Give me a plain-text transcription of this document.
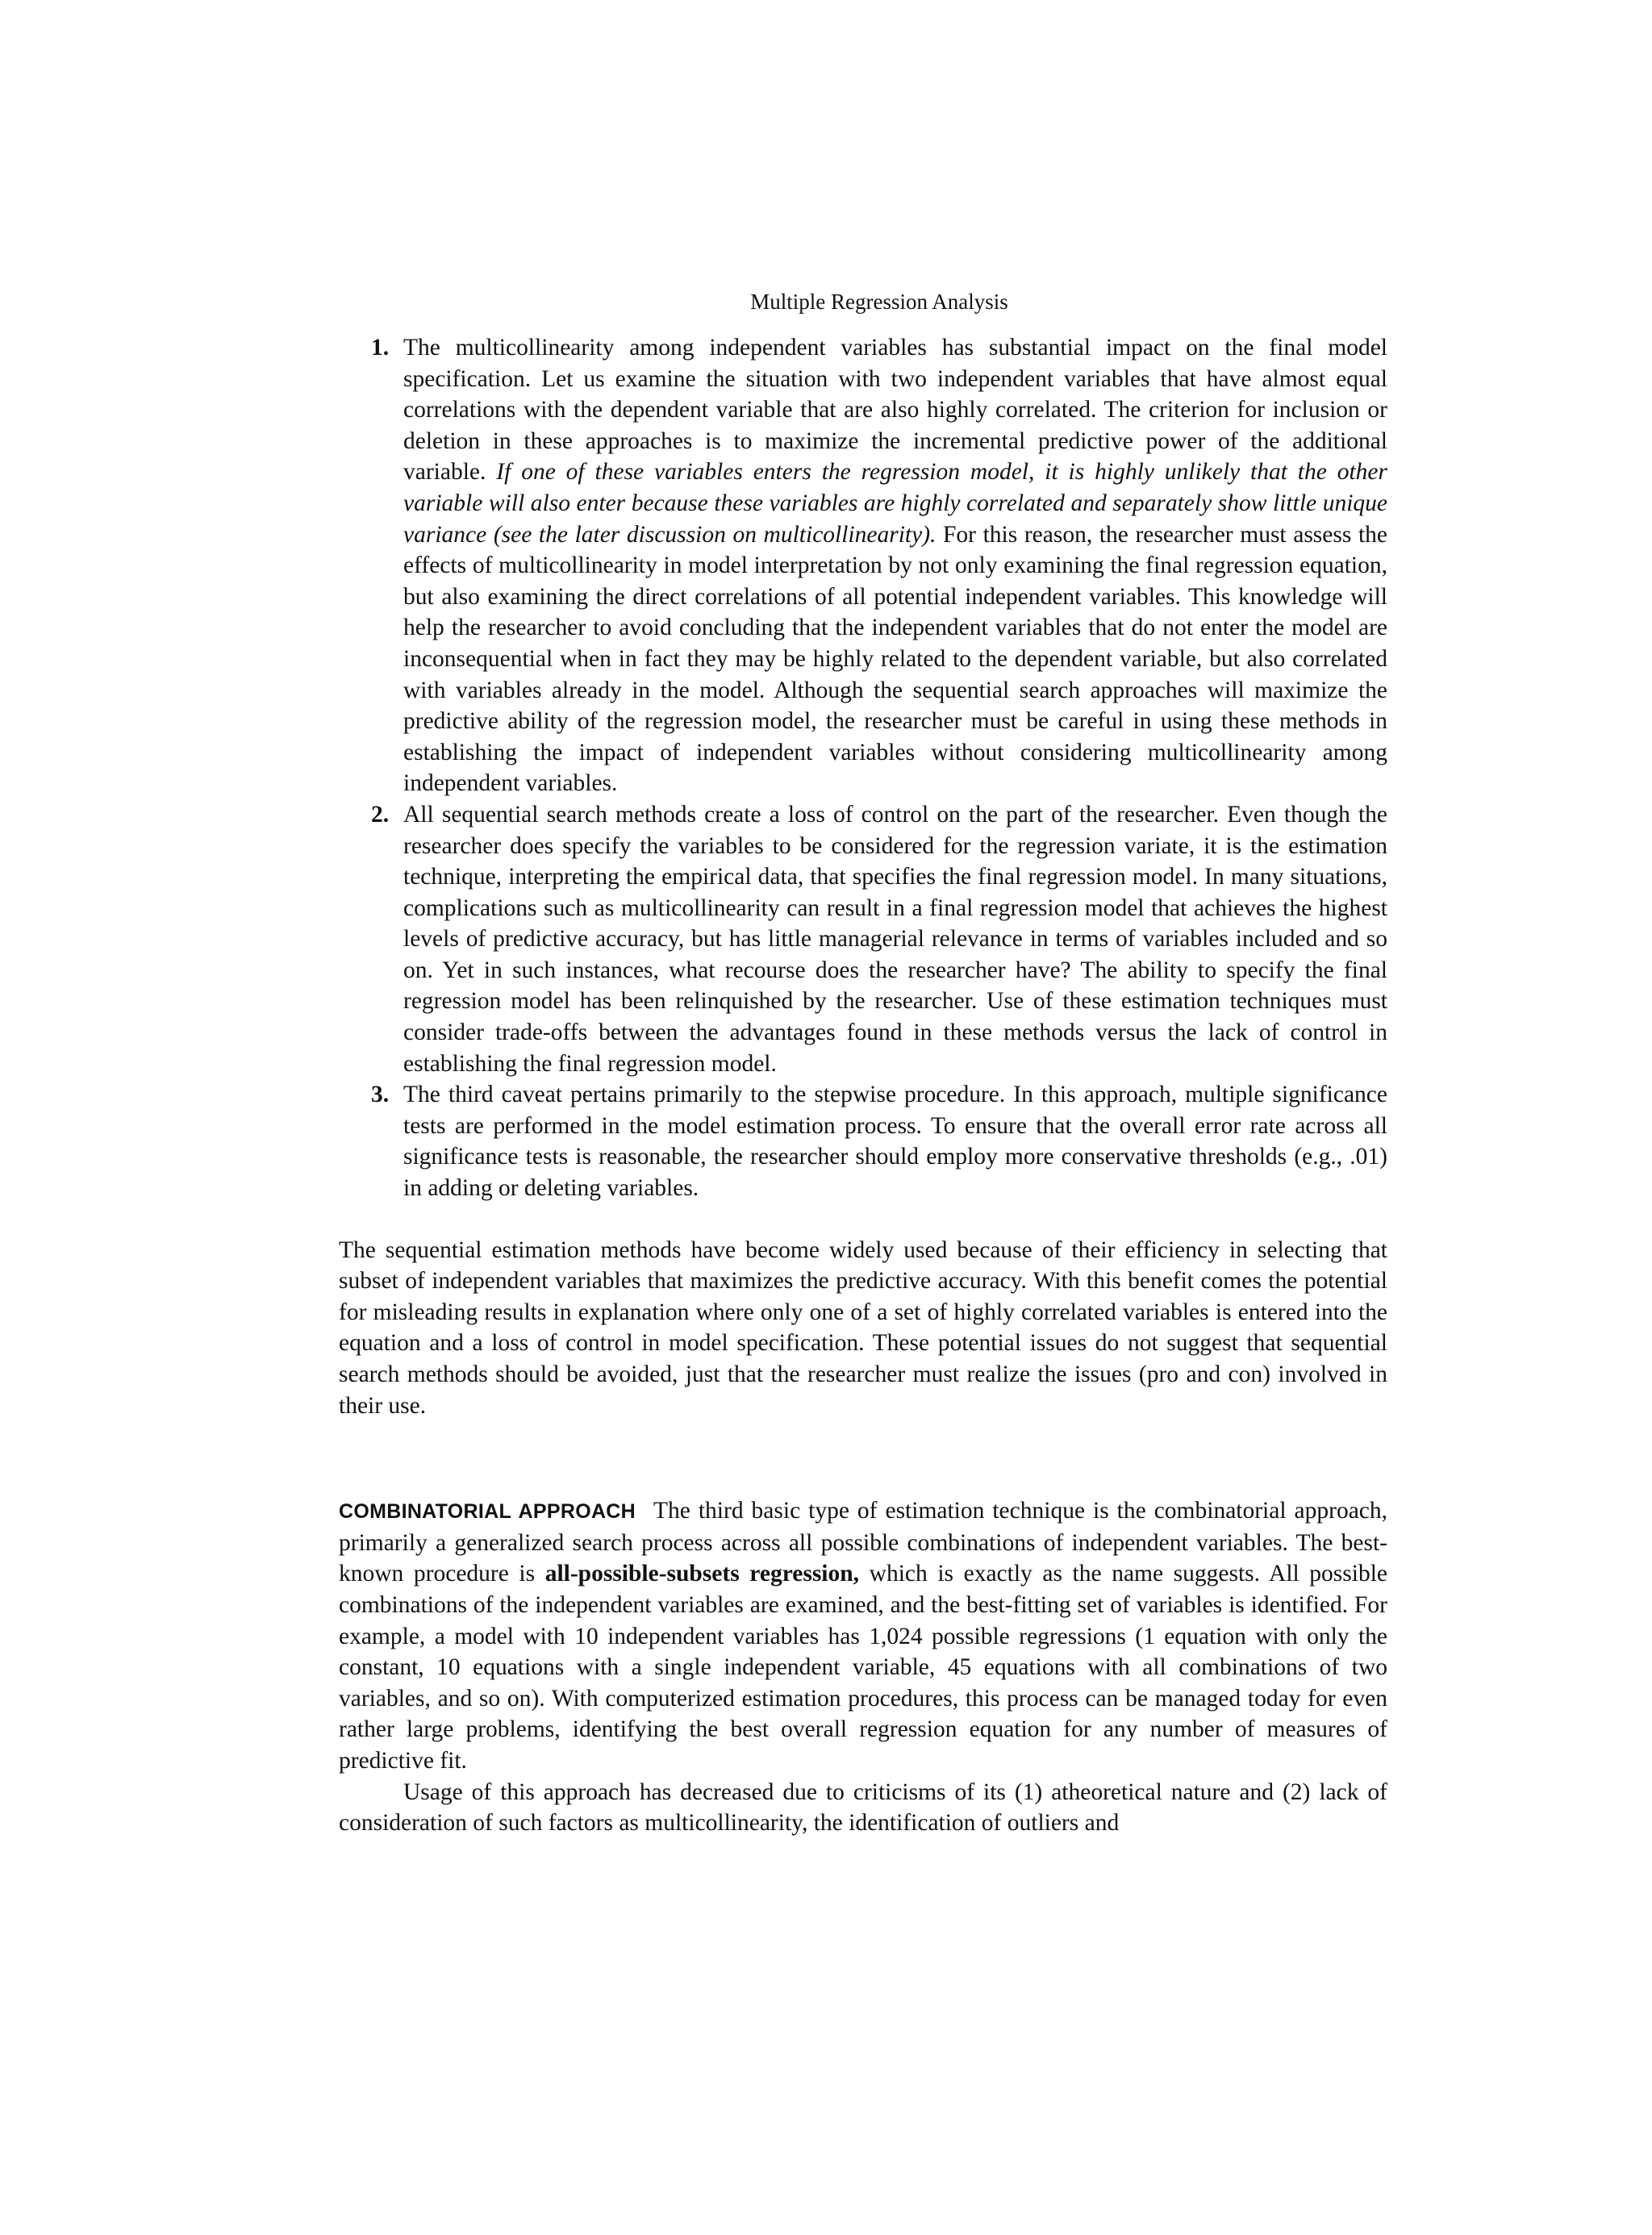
Multiple Regression Analysis
1. The multicollinearity among independent variables has substantial impact on the final model specification. Let us examine the situation with two independent variables that have almost equal correlations with the dependent variable that are also highly correlated. The criterion for inclusion or deletion in these approaches is to maximize the incremental predictive power of the additional variable. If one of these variables enters the regression model, it is highly unlikely that the other variable will also enter because these variables are highly correlated and separately show little unique variance (see the later discussion on multicollinearity). For this reason, the researcher must assess the effects of multicollinearity in model interpretation by not only examining the final regression equation, but also examining the direct correlations of all potential independent variables. This knowledge will help the researcher to avoid concluding that the independent variables that do not enter the model are inconsequential when in fact they may be highly related to the dependent variable, but also correlated with variables already in the model. Although the sequential search approaches will maximize the predictive ability of the regression model, the researcher must be careful in using these methods in establishing the impact of independent variables without considering multicollinearity among independent variables.
2. All sequential search methods create a loss of control on the part of the researcher. Even though the researcher does specify the variables to be considered for the regression variate, it is the estimation technique, interpreting the empirical data, that specifies the final regression model. In many situations, complications such as multicollinearity can result in a final regression model that achieves the highest levels of predictive accuracy, but has little managerial relevance in terms of variables included and so on. Yet in such instances, what recourse does the researcher have? The ability to specify the final regression model has been relinquished by the researcher. Use of these estimation techniques must consider trade-offs between the advantages found in these methods versus the lack of control in establishing the final regression model.
3. The third caveat pertains primarily to the stepwise procedure. In this approach, multiple significance tests are performed in the model estimation process. To ensure that the overall error rate across all significance tests is reasonable, the researcher should employ more conservative thresholds (e.g., .01) in adding or deleting variables.

The sequential estimation methods have become widely used because of their efficiency in selecting that subset of independent variables that maximizes the predictive accuracy. With this benefit comes the potential for misleading results in explanation where only one of a set of highly correlated variables is entered into the equation and a loss of control in model specification. These potential issues do not suggest that sequential search methods should be avoided, just that the researcher must realize the issues (pro and con) involved in their use.

COMBINATORIAL APPROACH The third basic type of estimation technique is the combinatorial approach, primarily a generalized search process across all possible combinations of independent variables. The best-known procedure is all-possible-subsets regression, which is exactly as the name suggests. All possible combinations of the independent variables are examined, and the best-fitting set of variables is identified. For example, a model with 10 independent variables has 1,024 possible regressions (1 equation with only the constant, 10 equations with a single independent variable, 45 equations with all combinations of two variables, and so on). With computerized estimation procedures, this process can be managed today for even rather large problems, identifying the best overall regression equation for any number of measures of predictive fit.

Usage of this approach has decreased due to criticisms of its (1) atheoretical nature and (2) lack of consideration of such factors as multicollinearity, the identification of outliers and
